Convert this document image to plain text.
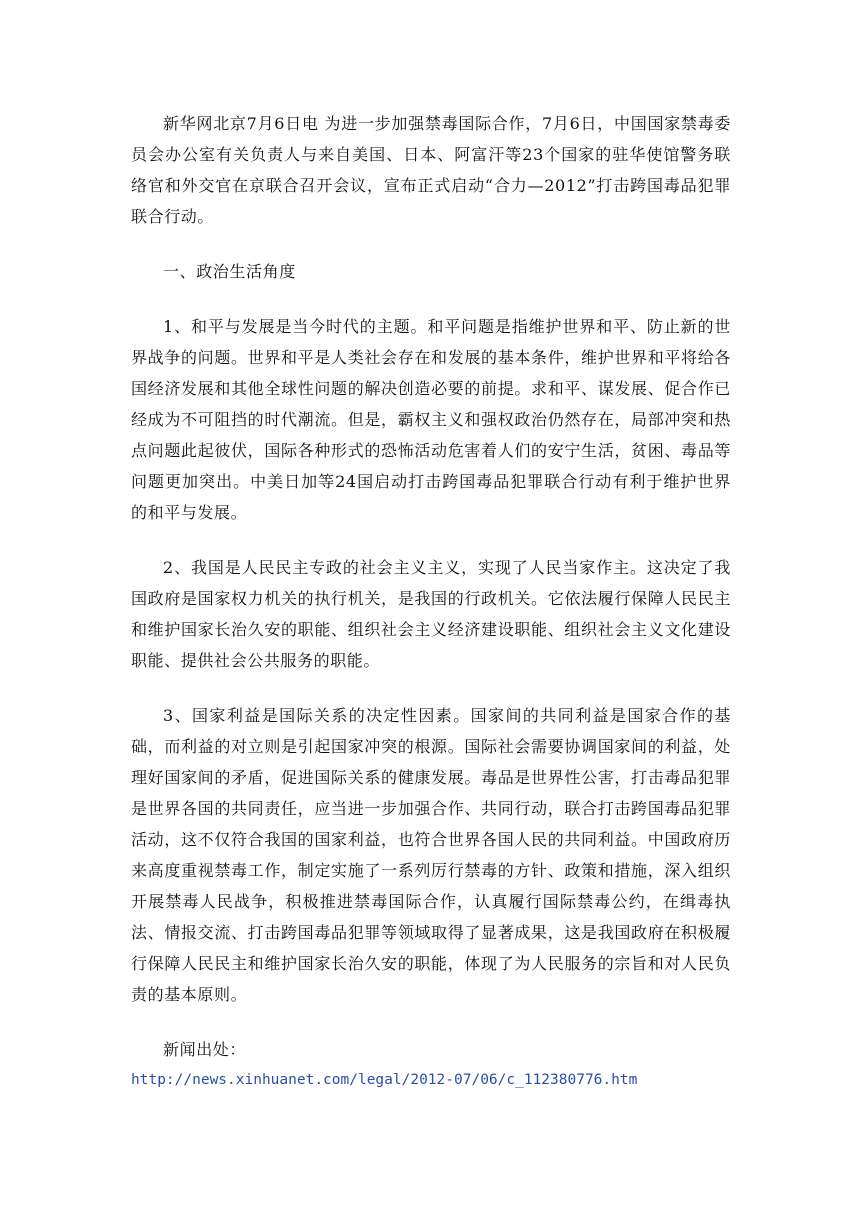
新华网北京7月6日电 为进一步加强禁毒国际合作，7月6日，中国国家禁毒委员会办公室有关负责人与来自美国、日本、阿富汗等23个国家的驻华使馆警务联络官和外交官在京联合召开会议，宣布正式启动“合力—2012”打击跨国毒品犯罪联合行动。

一、政治生活角度

1、和平与发展是当今时代的主题。和平问题是指维护世界和平、防止新的世界战争的问题。世界和平是人类社会存在和发展的基本条件，维护世界和平将给各国经济发展和其他全球性问题的解决创造必要的前提。求和平、谋发展、促合作已经成为不可阻挡的时代潮流。但是，霸权主义和强权政治仍然存在，局部冲突和热点问题此起彼伏，国际各种形式的恐怖活动危害着人们的安宁生活，贫困、毒品等问题更加突出。中美日加等24国启动打击跨国毒品犯罪联合行动有利于维护世界的和平与发展。

2、我国是人民民主专政的社会主义主义，实现了人民当家作主。这决定了我国政府是国家权力机关的执行机关，是我国的行政机关。它依法履行保障人民民主和维护国家长治久安的职能、组织社会主义经济建设职能、组织社会主义文化建设职能、提供社会公共服务的职能。

3、国家利益是国际关系的决定性因素。国家间的共同利益是国家合作的基础，而利益的对立则是引起国家冲突的根源。国际社会需要协调国家间的利益，处理好国家间的矛盾，促进国际关系的健康发展。毒品是世界性公害，打击毒品犯罪是世界各国的共同责任，应当进一步加强合作、共同行动，联合打击跨国毒品犯罪活动，这不仅符合我国的国家利益，也符合世界各国人民的共同利益。中国政府历来高度重视禁毒工作，制定实施了一系列厉行禁毒的方针、政策和措施，深入组织开展禁毒人民战争，积极推进禁毒国际合作，认真履行国际禁毒公约，在缉毒执法、情报交流、打击跨国毒品犯罪等领域取得了显著成果，这是我国政府在积极履行保障人民民主和维护国家长治久安的职能，体现了为人民服务的宗旨和对人民负责的基本原则。

新闻出处：

http://news.xinhuanet.com/legal/2012-07/06/c_112380776.htm
